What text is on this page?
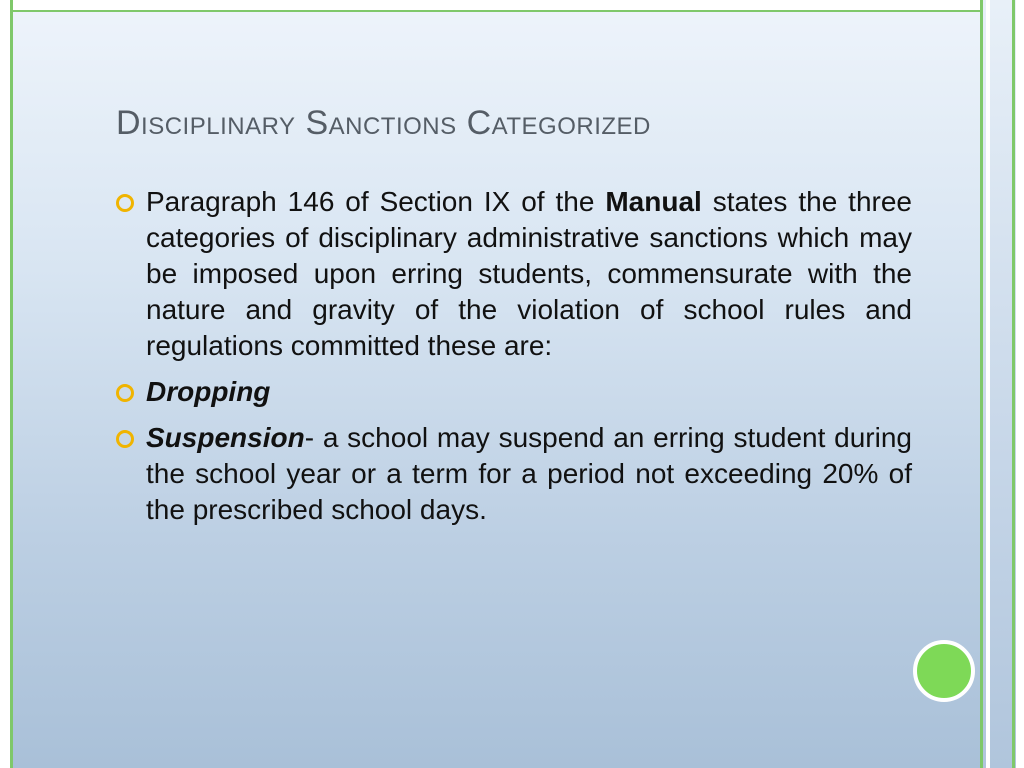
Disciplinary Sanctions Categorized
Paragraph 146 of Section IX of the Manual states the three categories of disciplinary administrative sanctions which may be imposed upon erring students, commensurate with the nature and gravity of the violation of school rules and regulations committed these are:
Dropping
Suspension- a school may suspend an erring student during the school year or a term for a period not exceeding 20% of the prescribed school days.
